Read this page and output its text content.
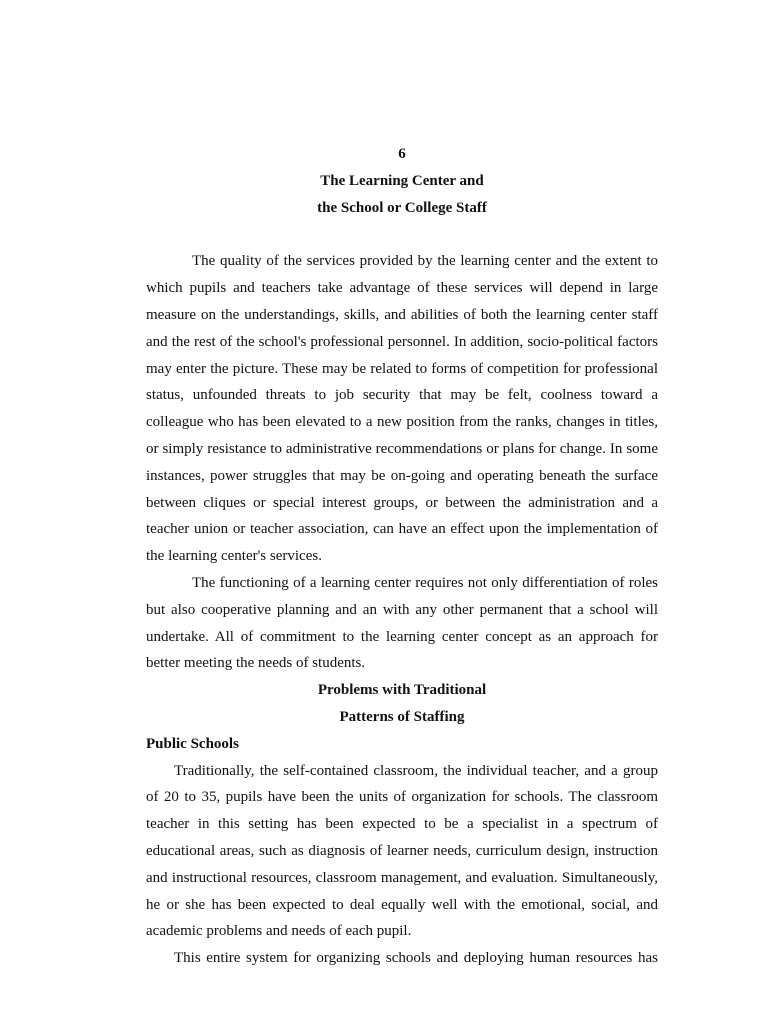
6
The Learning Center and
the School or College Staff

The quality of the services provided by the learning center and the extent to which pupils and teachers take advantage of these services will depend in large measure on the understandings, skills, and abilities of both the learning center staff and the rest of the school's professional personnel. In addition, socio-political factors may enter the picture. These may be related to forms of competition for professional status, unfounded threats to job security that may be felt, coolness toward a colleague who has been elevated to a new position from the ranks, changes in titles, or simply resistance to administrative recommendations or plans for change. In some instances, power struggles that may be on-going and operating beneath the surface between cliques or special interest groups, or between the administration and a teacher union or teacher association, can have an effect upon the implementation of the learning center's services.

The functioning of a learning center requires not only differentiation of roles but also cooperative planning and an with any other permanent that a school will undertake. All of commitment to the learning center concept as an approach for better meeting the needs of students.

Problems with Traditional
Patterns of Staffing
Public Schools

Traditionally, the self-contained classroom, the individual teacher, and a group of 20 to 35, pupils have been the units of organization for schools. The classroom teacher in this setting has been expected to be a specialist in a spectrum of educational areas, such as diagnosis of learner needs, curriculum design, instruction and instructional resources, classroom management, and evaluation. Simultaneously, he or she has been expected to deal equally well with the emotional, social, and academic problems and needs of each pupil.

This entire system for organizing schools and deploying human resources has
